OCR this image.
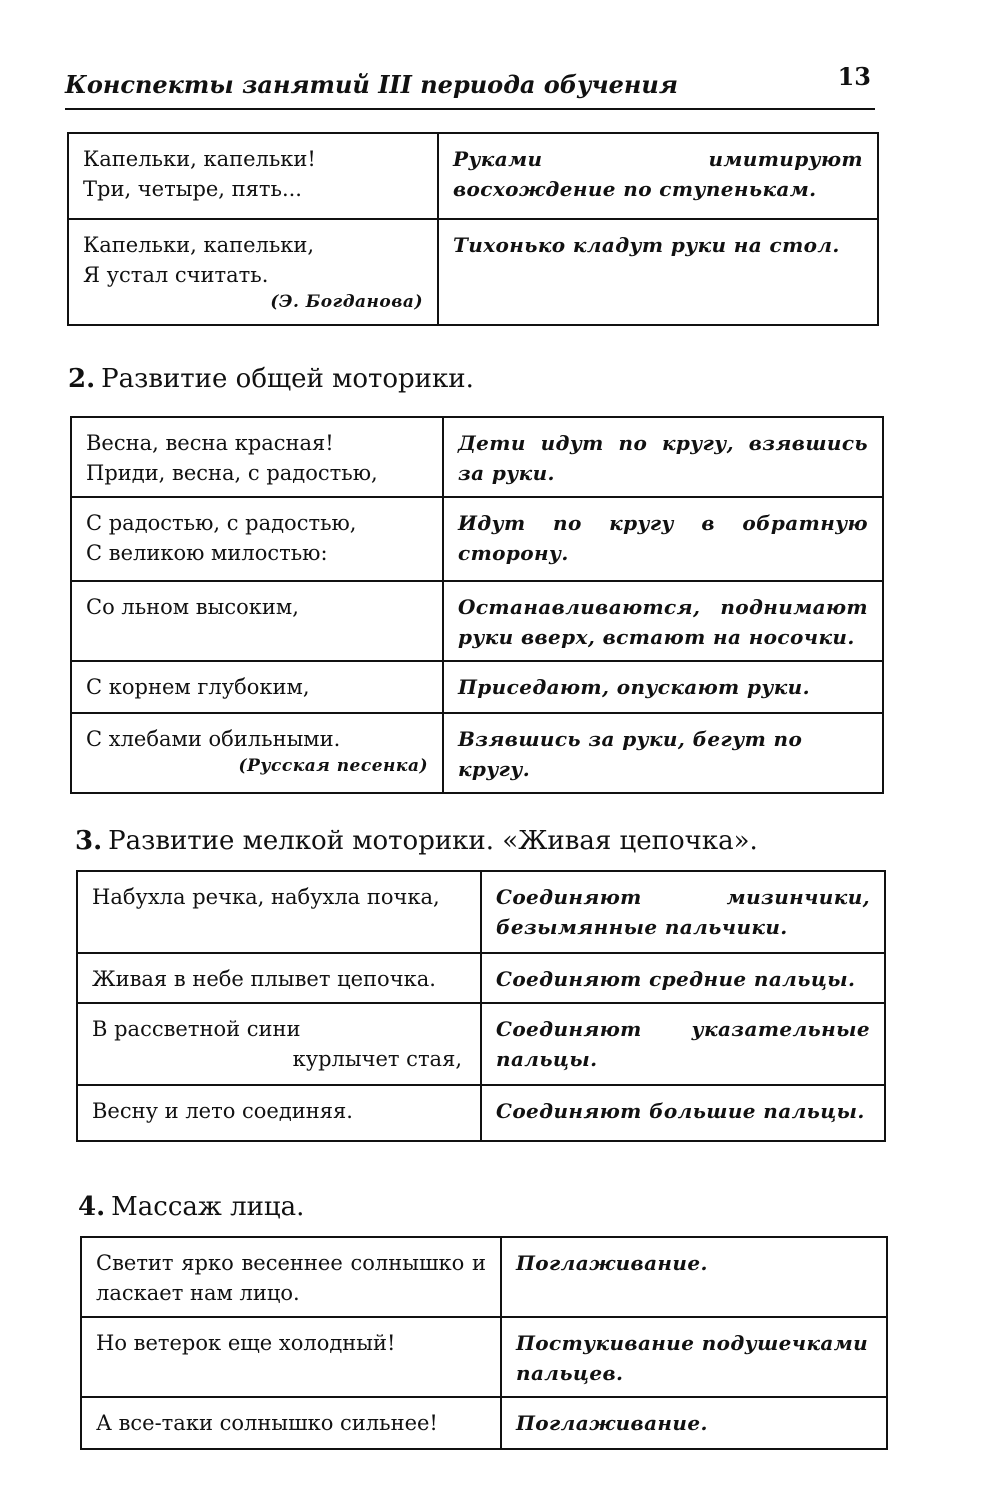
Конспекты занятий III периода обучения	13
Капельки, капельки!
Три, четыре, пять...	Руками имитируют восхождение по ступенькам.

Капельки, капельки,
Я устал считать.
(Э. Богданова)	Тихонько кладут руки на стол.
2. Развитие общей моторики.
Весна, весна красная!
Приди, весна, с радостью,	Дети идут по кругу, взявшись за руки.

С радостью, с радостью,
С великою милостью:	Идут по кругу в обратную сторону.

Со льном высоким,	Останавливаются, поднимают руки вверх, встают на носочки.

С корнем глубоким,	Приседают, опускают руки.

С хлебами обильными.
(Русская песенка)	Взявшись за руки, бегут по кругу.
3. Развитие мелкой моторики. «Живая цепочка».
Набухла речка, набухла почка,	Соединяют мизинчики, безымянные пальчики.

Живая в небе плывет цепочка.	Соединяют средние пальцы.

В рассветной сини
курлычет стая,	Соединяют указательные пальцы.

Весну и лето соединяя.	Соединяют большие пальцы.
4. Массаж лица.
Светит ярко весеннее солнышко и ласкает нам лицо.	Поглаживание.

Но ветерок еще холодный!	Постукивание подушечками пальцев.

А все-таки солнышко сильнее!	Поглаживание.
